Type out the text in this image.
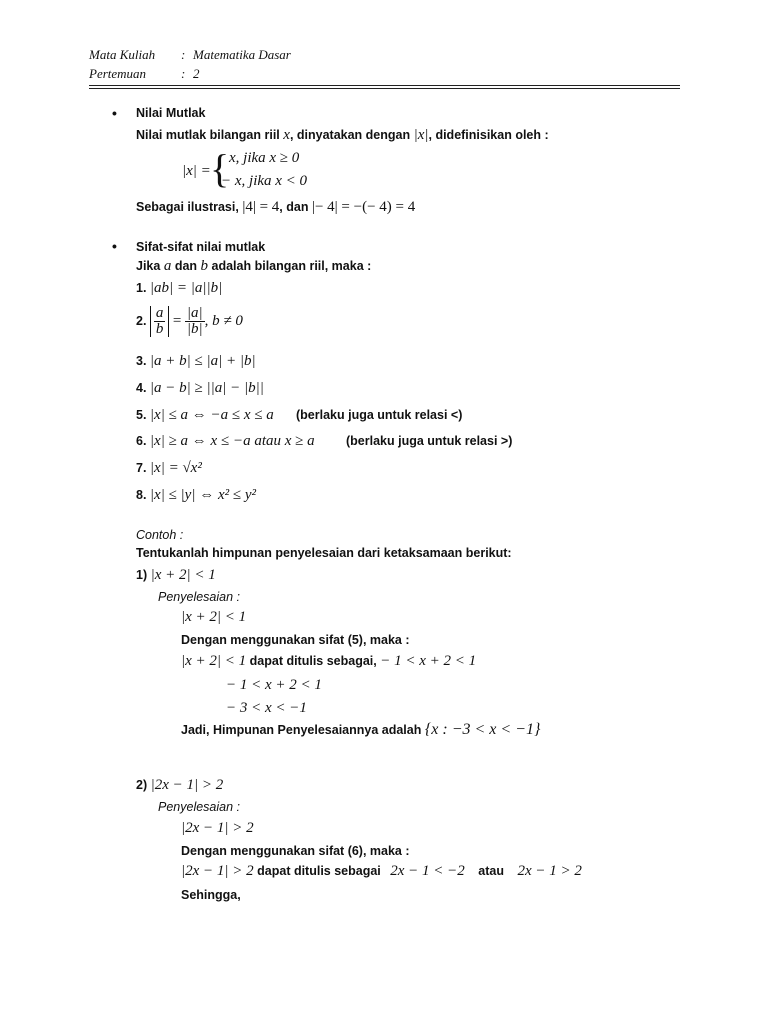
Mata Kuliah : Matematika Dasar
Pertemuan	: 2
• Nilai Mutlak
Nilai mutlak bilangan riil x, dinyatakan dengan |x|, didefinisikan oleh :
|x| = { x, jika x ≥ 0
− x, jika x < 0
Sebagai ilustrasi, |4| = 4, dan |− 4| = −(− 4) = 4
• Sifat-sifat nilai mutlak
Jika a dan b adalah bilangan riil, maka :
1. |ab| = |a||b|
2. $\frac{a}{b} = \frac{|a|}{|b|}$ , b ≠ 0
3. |a + b| ≤ |a| + |b|
4. |a − b| ≥ ||a| − |b||
5. |x| ≤ a ⇔ −a ≤ x ≤ a (berlaku juga untuk relasi <)
6. |x| ≥ a ⇔ x ≤ −a atau x ≥ a	(berlaku juga untuk relasi >)
7. |x| = √x²
8. |x| ≤ |y| ⇔ x² ≤ y²
Contoh :
Tentukanlah himpunan penyelesaian dari ketaksamaan berikut:
1) |x + 2| < 1
Penyelesaian :
|x + 2| < 1
Dengan menggunakan sifat (5), maka :
|x + 2| < 1 dapat ditulis sebagai, − 1 < x + 2 < 1
− 1 < x + 2 < 1
− 3 < x < −1
Jadi, Himpunan Penyelesaiannya adalah {x : −3 < x < −1}
2) |2x − 1| > 2
Penyelesaian :
|2x − 1| > 2
Dengan menggunakan sifat (6), maka :
|2x − 1| > 2 dapat ditulis sebagai 2x − 1 < −2 atau 2x − 1 > 2
Sehingga,
